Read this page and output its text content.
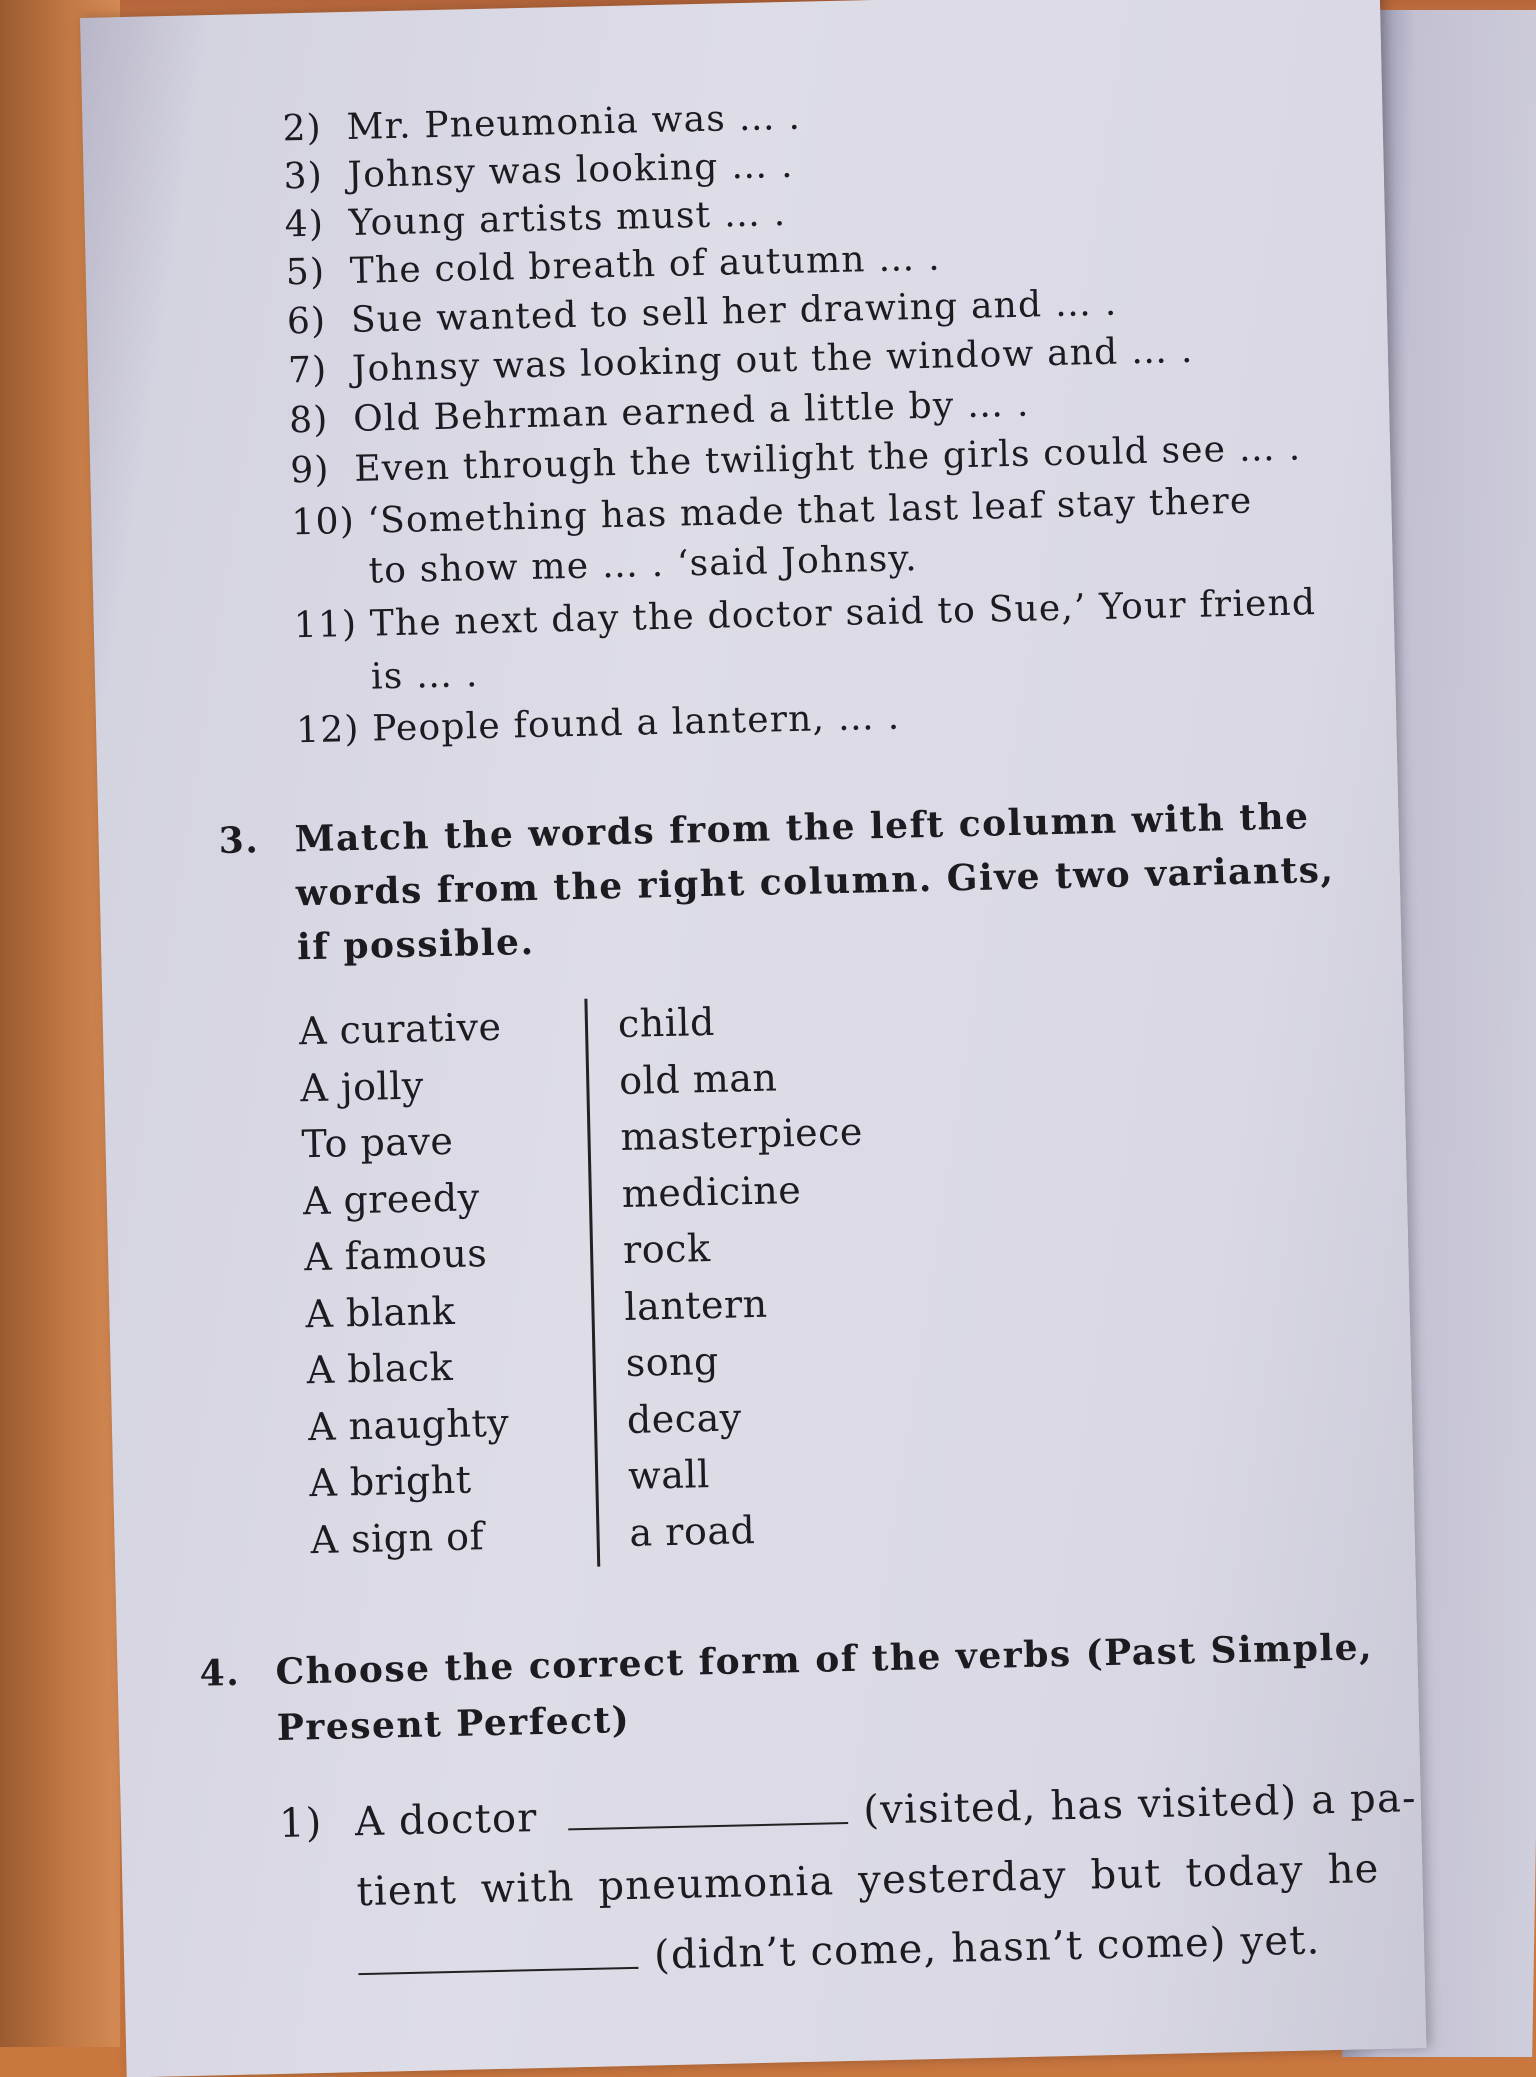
2) Mr. Pneumonia was … .
3) Johnsy was looking … .
4) Young artists must … .
5) The cold breath of autumn … .
6) Sue wanted to sell her drawing and … .
7) Johnsy was looking out the window and … .
8) Old Behrman earned a little by … .
9) Even through the twilight the girls could see … .
10) ‘Something has made that last leaf stay there
to show me … . ‘said Johnsy.
11) The next day the doctor said to Sue,’ Your friend
is … .
12) People found a lantern, … .
3. Match the words from the left column with the
words from the right column. Give two variants,
if possible.
A curative
A jolly
To pave
A greedy
A famous
A blank
A black
A naughty
A bright
A sign of
child
old man
masterpiece
medicine
rock
lantern
song
decay
wall
a road
4. Choose the correct form of the verbs (Past Simple,
Present Perfect)
1) A doctor	(visited, has visited) a pa-
tient with pneumonia yesterday but today he
(didn’t come, hasn’t come) yet.
